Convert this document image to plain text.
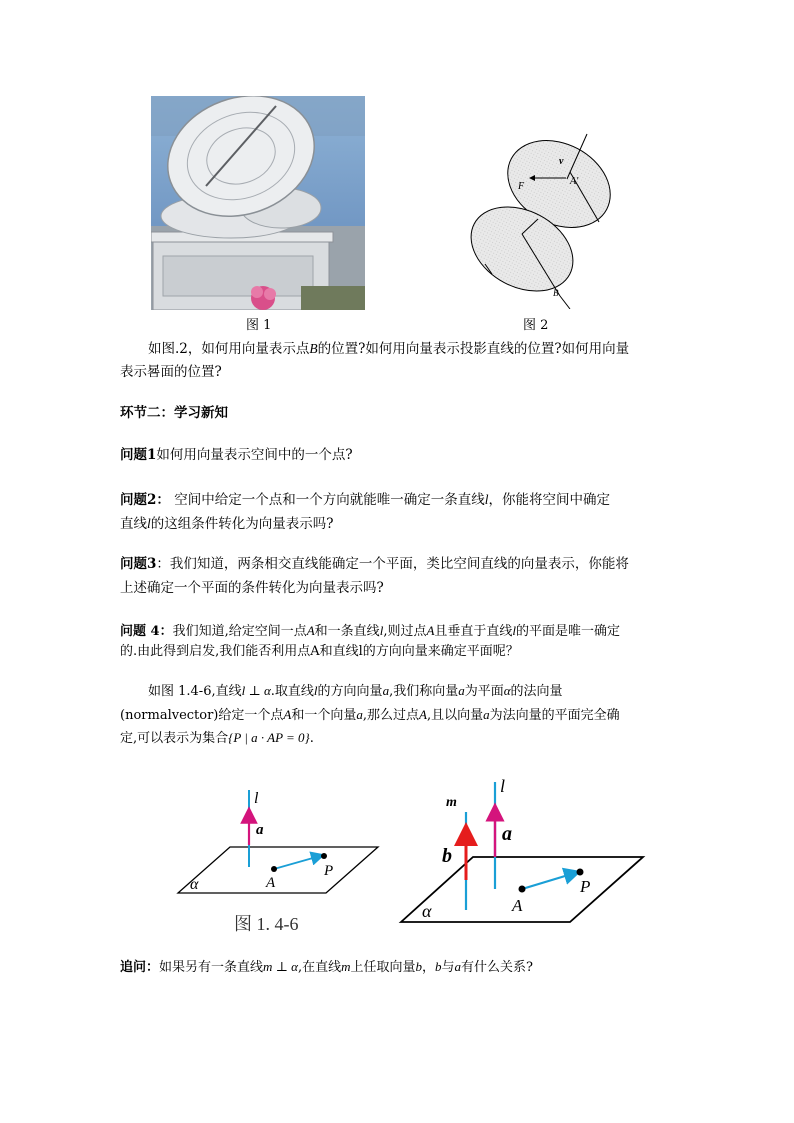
v
F	A′
B
图 1	图 2
如图.2，如何用向量表示点B的位置?如何用向量表示投影直线的位置?如何用向量
表示晷面的位置?
环节二：学习新知
问题1如何用向量表示空间中的一个点?
问题2： 空间中给定一个点和一个方向就能唯一确定一条直线l，你能将空间中确定
直线l的这组条件转化为向量表示吗?
问题3：我们知道，两条相交直线能确定一个平面，类比空间直线的向量表示，你能将
上述确定一个平面的条件转化为向量表示吗?
问题 4：我们知道,给定空间一点A和一条直线l,则过点A且垂直于直线l的平面是唯一确定
的.由此得到启发,我们能否利用点A和直线l的方向向量来确定平面呢？
如图 1.4-6,直线l ⊥ α.取直线l的方向向量a,我们称向量a为平面α的法向量
(normalvector)给定一个点A和一个向量a,那么过点A,且以向量a为法向量的平面完全确
定,可以表示为集合{P | a · AP = 0}.
l
a
A
P
α
图 1. 4-6
m
l
a
b
A
P
α
追问：如果另有一条直线m ⊥ α,在直线m上任取向量b，b与a有什么关系?
